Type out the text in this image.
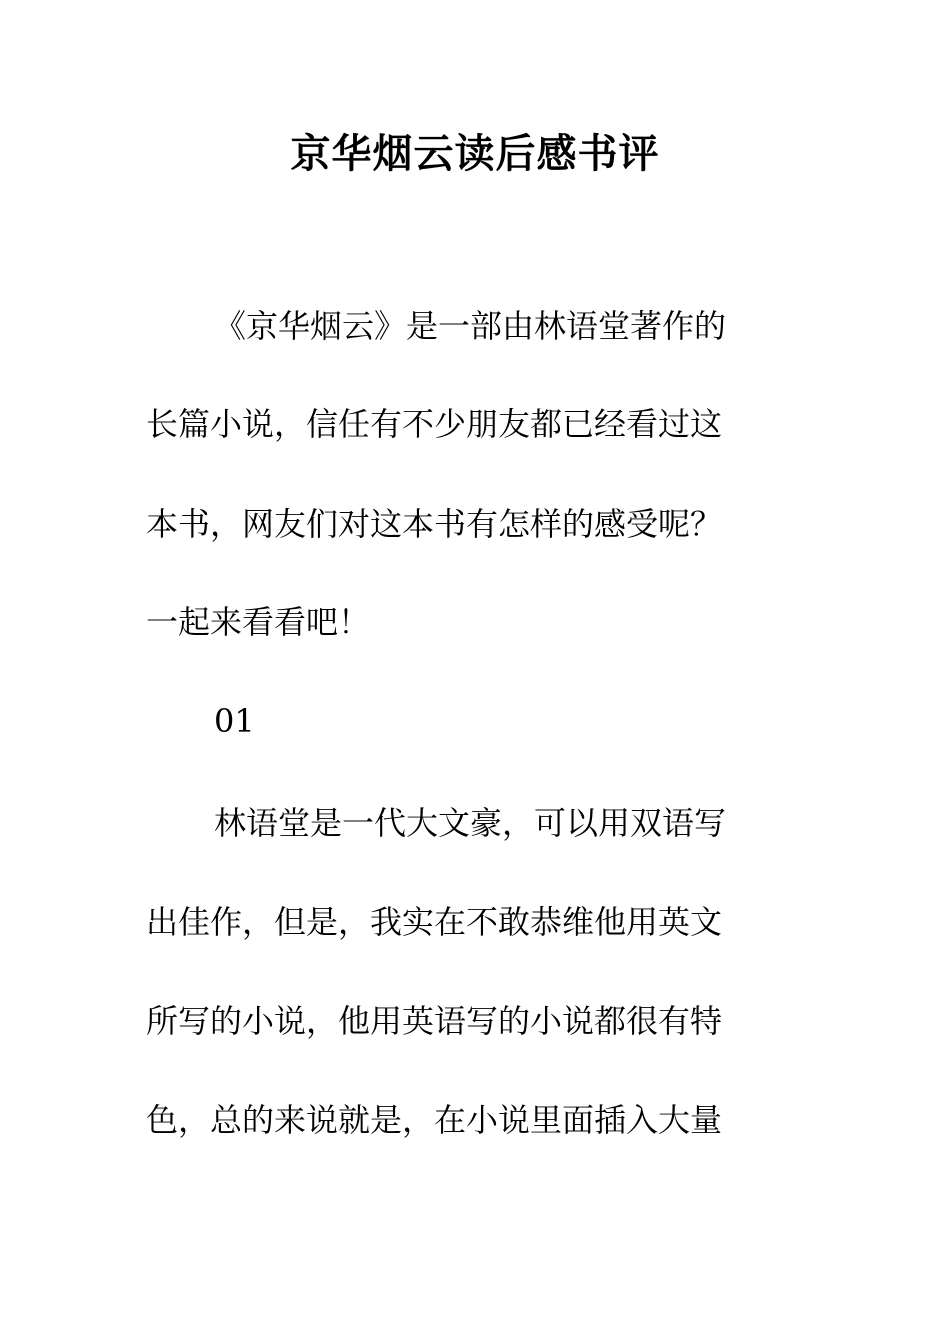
京华烟云读后感书评
《京华烟云》是一部由林语堂著作的
长篇小说，信任有不少朋友都已经看过这
本书，网友们对这本书有怎样的感受呢？
一起来看看吧！
01
林语堂是一代大文豪，可以用双语写
出佳作，但是，我实在不敢恭维他用英文
所写的小说，他用英语写的小说都很有特
色，总的来说就是，在小说里面插入大量
